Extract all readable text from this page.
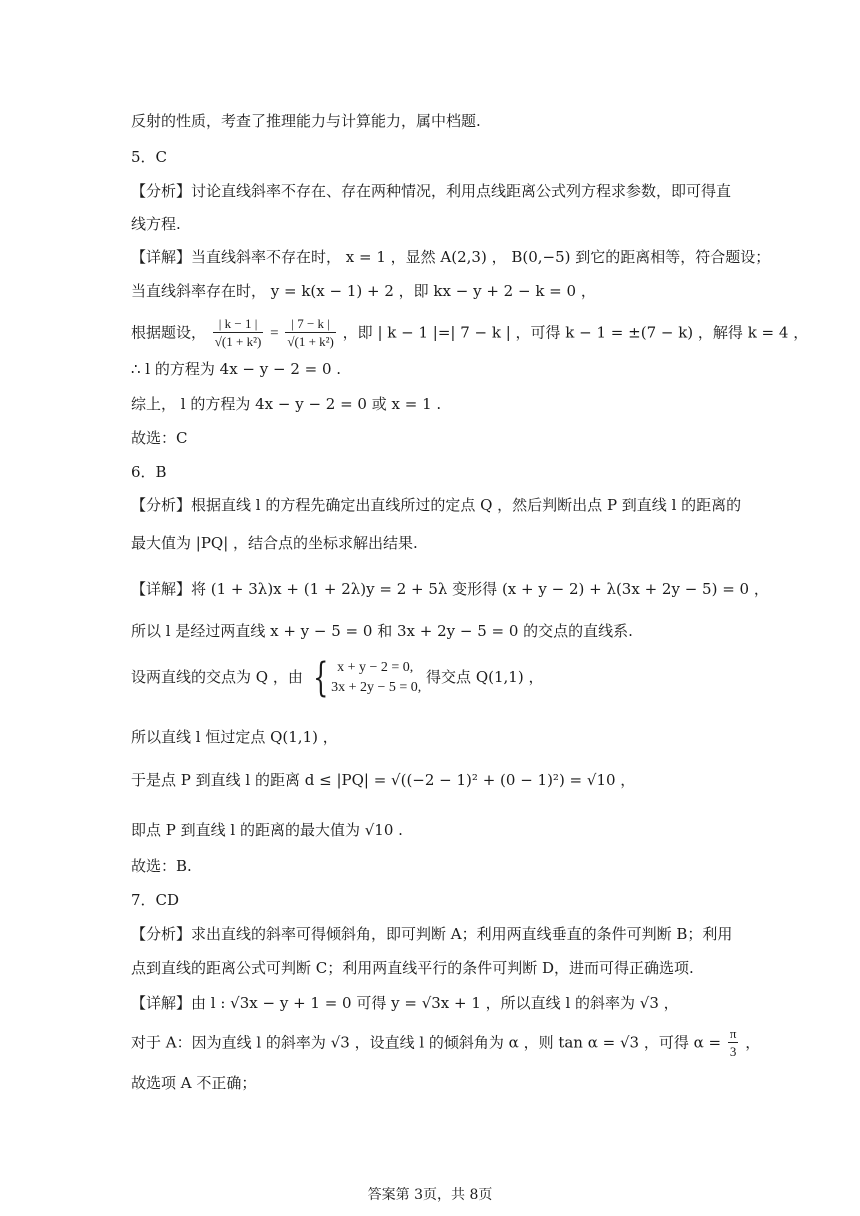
反射的性质，考查了推理能力与计算能力，属中档题.
5．C
【分析】讨论直线斜率不存在、存在两种情况，利用点线距离公式列方程求参数，即可得直
线方程.
【详解】当直线斜率不存在时， x = 1 ，显然 A(2,3) ， B(0,−5) 到它的距离相等，符合题设；
当直线斜率存在时， y = k(x − 1) + 2 ，即 kx − y + 2 − k = 0 ，
∴ l 的方程为 4x − y − 2 = 0 .
综上， l 的方程为 4x − y − 2 = 0 或 x = 1 .
故选：C
6．B
【分析】根据直线 l 的方程先确定出直线所过的定点 Q ，然后判断出点 P 到直线 l 的距离的
最大值为 |PQ| ，结合点的坐标求解出结果.
【详解】将 (1 + 3λ)x + (1 + 2λ)y = 2 + 5λ 变形得 (x + y − 2) + λ(3x + 2y − 5) = 0 ，
所以 l 是经过两直线 x + y − 5 = 0 和 3x + 2y − 5 = 0 的交点的直线系.
所以直线 l 恒过定点 Q(1,1) ，
即点 P 到直线 l 的距离的最大值为 √10 .
故选：B.
7．CD
【分析】求出直线的斜率可得倾斜角，即可判断 A；利用两直线垂直的条件可判断 B；利用
点到直线的距离公式可判断 C；利用两直线平行的条件可判断 D，进而可得正确选项.
【详解】由 l : √3x − y + 1 = 0 可得 y = √3x + 1 ，所以直线 l 的斜率为 √3 ，
故选项 A 不正确；
根据题设， $\frac{| k - 1 |}{\text{√(1 + k²)}} = \frac{| 7 - k |}{\text{√(1 + k²)}}$ ，即 | k − 1 |=| 7 − k | ，可得 k − 1 = ±(7 − k) ，解得 k = 4 ，
设两直线的交点为 Q ，由 { x + y − 2 = 0,
3x + 2y − 5 = 0,
得交点 Q(1,1) ，
于是点 P 到直线 l 的距离 d ≤ |PQ| = √((−2 − 1)² + (0 − 1)²) = √10 ，
对于 A：因为直线 l 的斜率为 √3 ，设直线 l 的倾斜角为 α ，则 tan α = √3 ，可得 $\alpha = \frac{\pi}{3}$ ，
答案第 3页，共 8页
